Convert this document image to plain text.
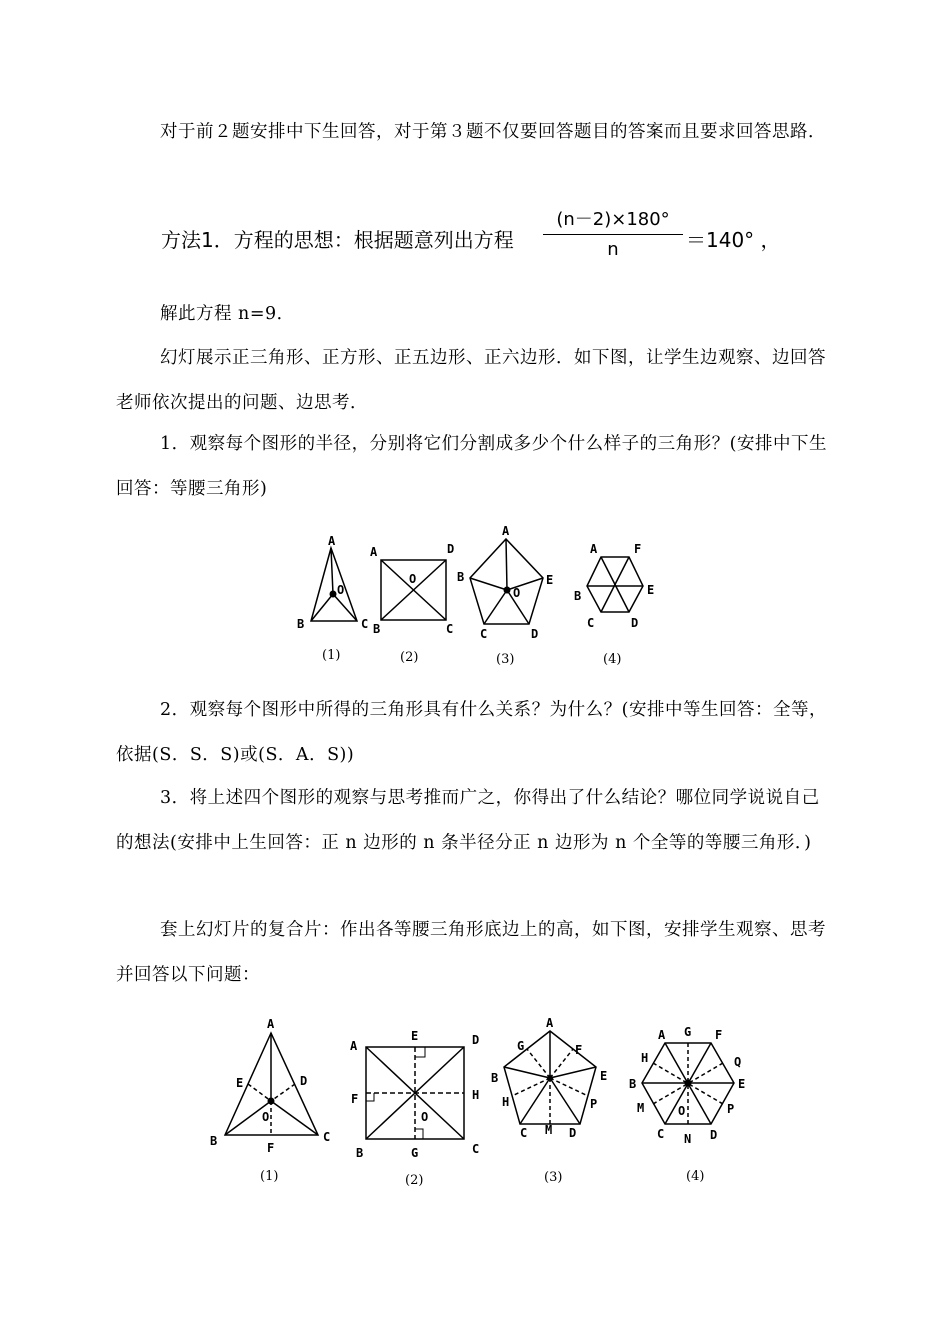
对于前２题安排中下生回答，对于第３题不仅要回答题目的答案而且要求回答思路．

方法1．方程的思想：根据题意列出方程
(n－2)×180°
n	＝140° ，

解此方程 n=9．

幻灯展示正三角形、正方形、正五边形、正六边形．如下图，让学生边观察、边回答老师依次提出的问题、边思考．

1．观察每个图形的半径，分别将它们分割成多少个什么样子的三角形？(安排中下生回答：等腰三角形)

A
B	C
O
A	D
B	C
O
A
B	E
C	D
O
A	F
B	E
C	D
(1)	(2)	(3)	(4)

2．观察每个图形中所得的三角形具有什么关系？为什么？(安排中等生回答：全等，依据(S．S．S)或(S．A．S))

3．将上述四个图形的观察与思考推而广之，你得出了什么结论？哪位同学说说自己的想法(安排中上生回答：正 n 边形的 n 条半径分正 n 边形为 n 个全等的等腰三角形．)

套上幻灯片的复合片：作出各等腰三角形底边上的高，如下图，安排学生观察、思考并回答以下问题：

A
E	D
O
B	F
C
E	D
A
F	H
O
B	G	C
A
G	F
B	E
H	P
C M D
A G F
H	Q
B	E
M	O	P
C N D
(1)	(2)	(3)	(4)
